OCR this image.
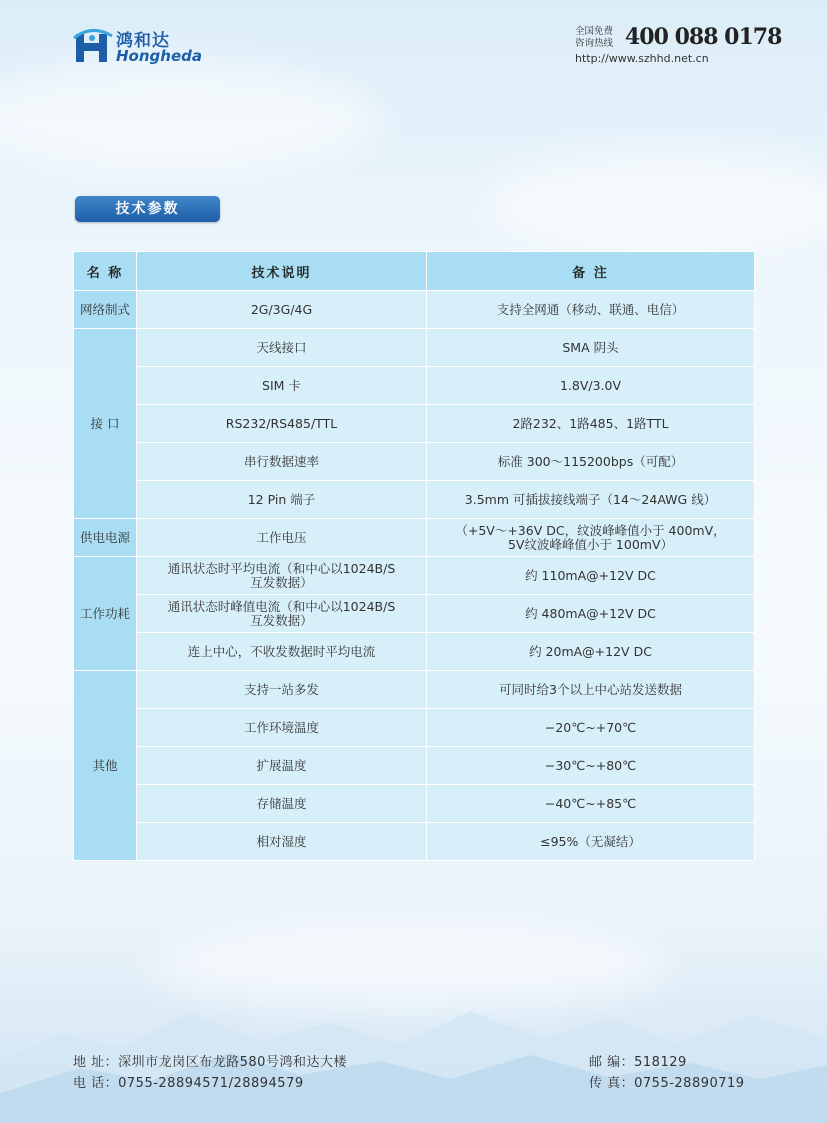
鸿和达
Honghedа
全国免费
咨询热线 400 088 0178
http://www.szhhd.net.cn
技术参数
名 称	技术说明	备 注
网络制式	2G/3G/4G	支持全网通（移动、联通、电信）
接 口	天线接口	SMA 阴头
	SIM 卡	1.8V/3.0V
	RS232/RS485/TTL	2路232、1路485、1路TTL
	串行数据速率	标准 300～115200bps（可配）
	12 Pin 端子	3.5mm 可插拔接线端子（14〜24AWG 线）
供电电源	工作电压	（+5V～+36V DC，纹波峰峰值小于 400mV，
5V纹波峰峰值小于 100mV）
工作功耗	通讯状态时平均电流（和中心以1024B/S
互发数据）	约 110mA@+12V DC
	通讯状态时峰值电流（和中心以1024B/S
互发数据）	约 480mA@+12V DC
	连上中心，不收发数据时平均电流	约 20mA@+12V DC
其他	支持一站多发	可同时给3个以上中心站发送数据
	工作环境温度	−20℃~+70℃
	扩展温度	−30℃~+80℃
	存储温度	−40℃~+85℃
	相对湿度	≤95%（无凝结）
地 址：深圳市龙岗区布龙路580号鸿和达大楼
电 话：0755-28894571/28894579
邮 编：518129
传 真：0755-28890719
